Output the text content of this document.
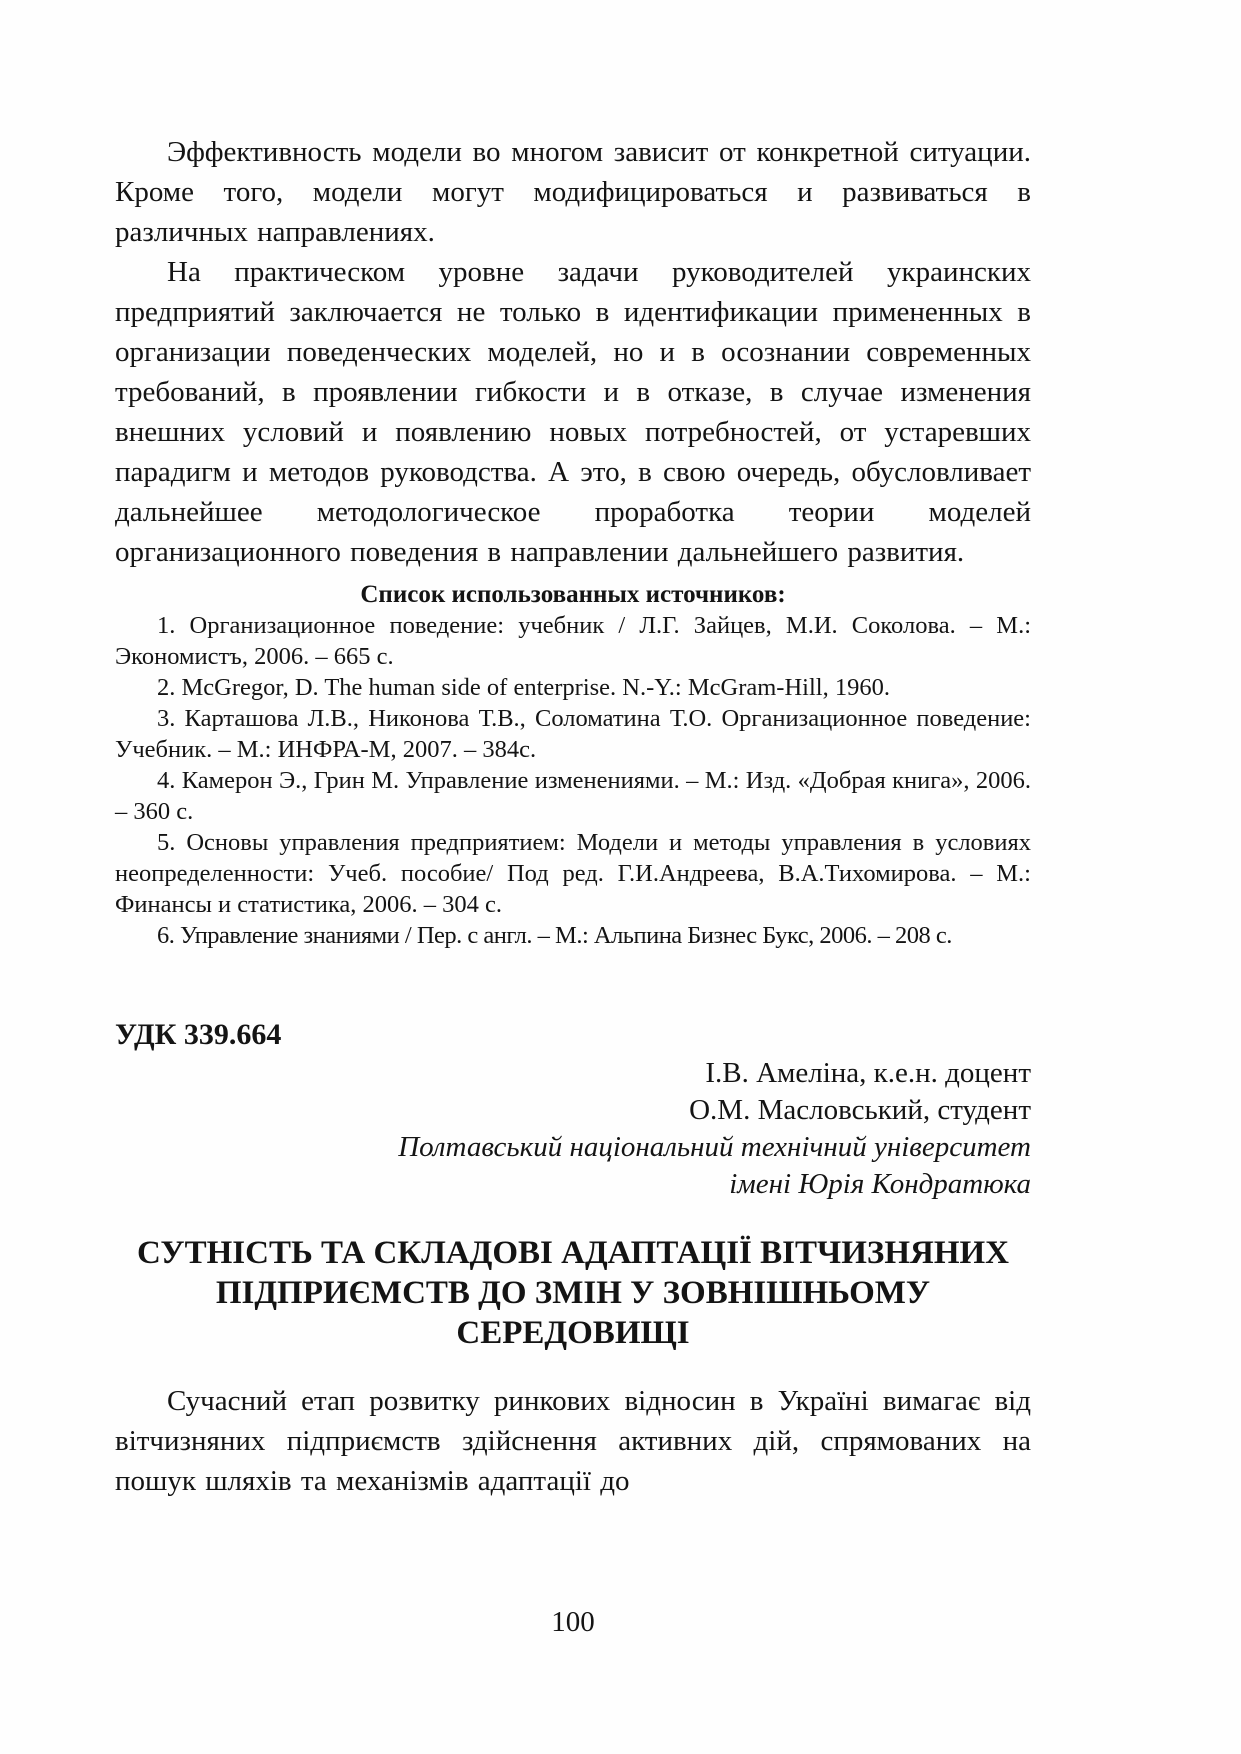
Эффективность модели во многом зависит от конкретной ситуации. Кроме того, модели могут модифицироваться и развиваться в различных направлениях.

На практическом уровне задачи руководителей украинских предприятий заключается не только в идентификации примененных в организации поведенческих моделей, но и в осознании современных требований, в проявлении гибкости и в отказе, в случае изменения внешних условий и появлению новых потребностей, от устаревших парадигм и методов руководства. А это, в свою очередь, обусловливает дальнейшее методологическое проработка теории моделей организационного поведения в направлении дальнейшего развития.

Список использованных источников:

1. Организационное поведение: учебник / Л.Г. Зайцев, М.И. Соколова. – М.: Экономистъ, 2006. – 665 с.

2. McGregor, D. The human side of enterprise. N.-Y.: McGram-Hill, 1960.

3. Карташова Л.В., Никонова Т.В., Соломатина Т.О. Организационное поведение: Учебник. – М.: ИНФРА-М, 2007. – 384с.

4. Камерон Э., Грин М. Управление изменениями. – М.: Изд. «Добрая книга», 2006. – 360 с.

5. Основы управления предприятием: Модели и методы управления в условиях неопределенности: Учеб. пособие/ Под ред. Г.И.Андреева, В.А.Тихомирова. – М.: Финансы и статистика, 2006. – 304 с.

6. Управление знаниями / Пер. с англ. – М.: Альпина Бизнес Букс, 2006. – 208 с.

УДК 339.664

І.В. Амеліна, к.е.н. доцент

О.М. Масловський, студент

Полтавський національний технічний університет

імені Юрія Кондратюка

СУТНІСТЬ ТА СКЛАДОВІ АДАПТАЦІЇ ВІТЧИЗНЯНИХ
ПІДПРИЄМСТВ ДО ЗМІН У ЗОВНІШНЬОМУ
СЕРЕДОВИЩІ

Сучасний етап розвитку ринкових відносин в Україні вимагає від вітчизняних підприємств здійснення активних дій, спрямованих на пошук шляхів та механізмів адаптації до

100
